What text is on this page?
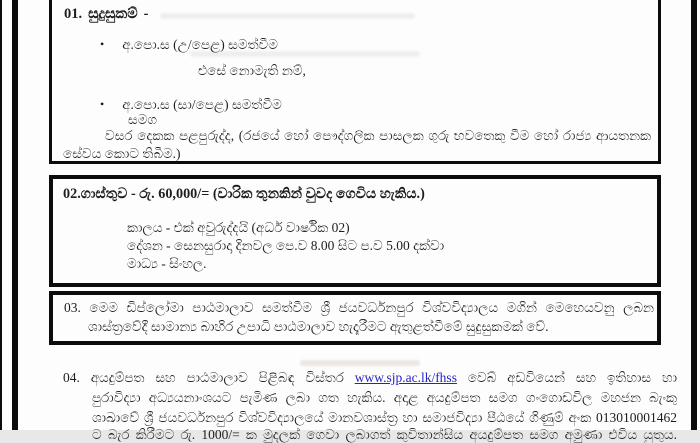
01. සුදුසුකම් -
• අ.පො.ස (උ/පෙළ) සමත්වීම
එසේ නොමැති නම්,
• අ.පො.ස (සා/පෙළ) සමත්වීම
සමග
වසර දෙකක පළපුරුද්ද, (රජයේ හෝ පෞද්ගලික පාසලක ගුරු භවතෙකු වීම හෝ රාජ්‍ය ආයතනක
සේවය කොට තිබීම.)
02.ගාස්තුව - රු. 60,000/= (වාරික තුනකින් වුවද ගෙවිය හැකිය.)
කාලය - එක් අවුරුද්දයි (අර්ධ වාර්ෂික 02)
දේශන - සෙනසුරාදා දිනවල පෙ.ව 8.00 සිට ප.ව 5.00 දක්වා
මාධ්‍ය - සිංහල.
03. මෙම ඩිප්ලෝමා පාඨමාලාව සමත්වීම ශ්‍රී ජයවර්ධනපුර විශ්වවිද්‍යාලය මගින් මෙහෙයවනු ලබන
ශාස්ත්‍රවේදී සාමාන්‍ය බාහිර උපාධි පාඨමාලාව හැදෑරීමට ඇතුළත්වීමේ සුදුසුකමක් වේ.
04. අයදුම්පත සහ පාඨමාලාව පිළිබඳ විස්තර www.sjp.ac.lk/fhss වෙබ් අඩවියෙන් සහ ඉතිහාස හා
පුරාවිද්‍යා අධ්‍යයනාංශයට පැමිණ ලබා ගත හැකිය. අදාළ අයදුම්පත සමග ගංගොඩවිල මහජන බැංකු
ශාඛාවේ ශ්‍රී ජයවර්ධනපුර විශ්වවිද්‍යාලයේ මානවශාස්ත්‍ර හා සමාජවිද්‍යා පීඨයේ ගිණුම් අංක 013010001462
ට බැර කිරීමට රු. 1000/= ක මුදලක් ගෙවා ලබාගත් කුවිතාන්සිය අයදුම්පත සමග අමුණා එවිය යුතුය.
